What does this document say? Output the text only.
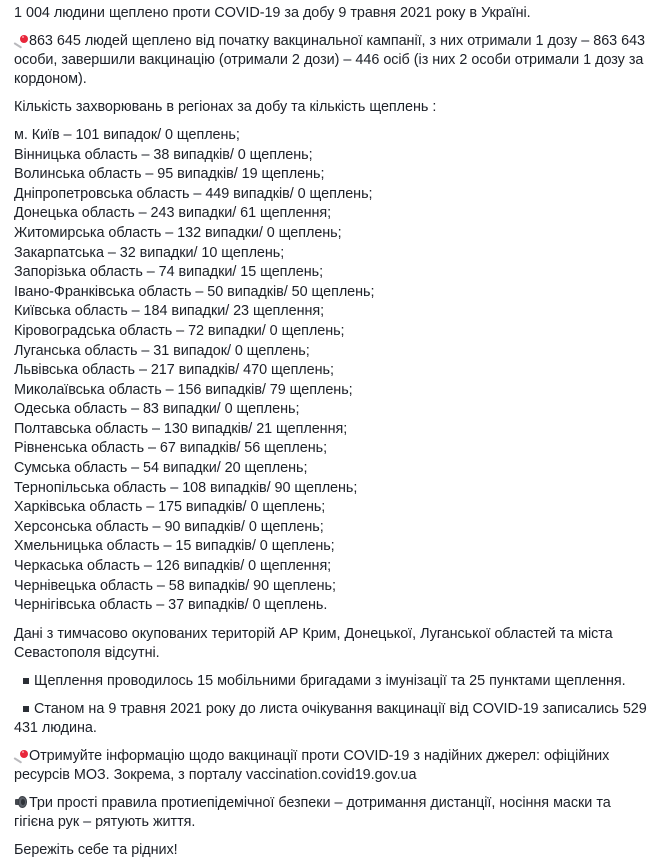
1 004 людини щеплено проти COVID-19 за добу 9 травня 2021 року в Україні.

863 645 людей щеплено від початку вакцинальної кампанії, з них отримали 1 дозу – 863 643 особи, завершили вакцинацію (отримали 2 дози) – 446 осіб (із них 2 особи отримали 1 дозу за кордоном).

Кількість захворювань в регіонах за добу та кількість щеплень :

м. Київ – 101 випадок/ 0 щеплень;
Вінницька область – 38 випадків/ 0 щеплень;
Волинська область – 95 випадків/ 19 щеплень;
Дніпропетровська область – 449 випадків/ 0 щеплень;
Донецька область – 243 випадки/ 61 щеплення;
Житомирська область – 132 випадки/ 0 щеплень;
Закарпатська – 32 випадки/ 10 щеплень;
Запорізька область – 74 випадки/ 15 щеплень;
Івано-Франківська область – 50 випадків/ 50 щеплень;
Київська область – 184 випадки/ 23 щеплення;
Кіровоградська область – 72 випадки/ 0 щеплень;
Луганська область – 31 випадок/ 0 щеплень;
Львівська область – 217 випадків/ 470 щеплень;
Миколаївська область – 156 випадків/ 79 щеплень;
Одеська область – 83 випадки/ 0 щеплень;
Полтавська область – 130 випадків/ 21 щеплення;
Рівненська область – 67 випадків/ 56 щеплень;
Сумська область – 54 випадки/ 20 щеплень;
Тернопільська область – 108 випадків/ 90 щеплень;
Харківська область – 175 випадків/ 0 щеплень;
Херсонська область – 90 випадків/ 0 щеплень;
Хмельницька область – 15 випадків/ 0 щеплень;
Черкаська область – 126 випадків/ 0 щеплення;
Чернівецька область – 58 випадків/ 90 щеплень;
Чернігівська область – 37 випадків/ 0 щеплень.

Дані з тимчасово окупованих територій АР Крим, Донецької, Луганської областей та міста Севастополя відсутні.

Щеплення проводилось 15 мобільними бригадами з імунізації та 25 пунктами щеплення.

Станом на 9 травня 2021 року до листа очікування вакцинації від COVID-19 записались 529 431 людина.

Отримуйте інформацію щодо вакцинації проти COVID-19 з надійних джерел: офіційних ресурсів МОЗ. Зокрема, з порталу vaccination.covid19.gov.ua

Три прості правила протиепідемічної безпеки – дотримання дистанції, носіння маски та гігієна рук – рятують життя.

Бережіть себе та рідних!
